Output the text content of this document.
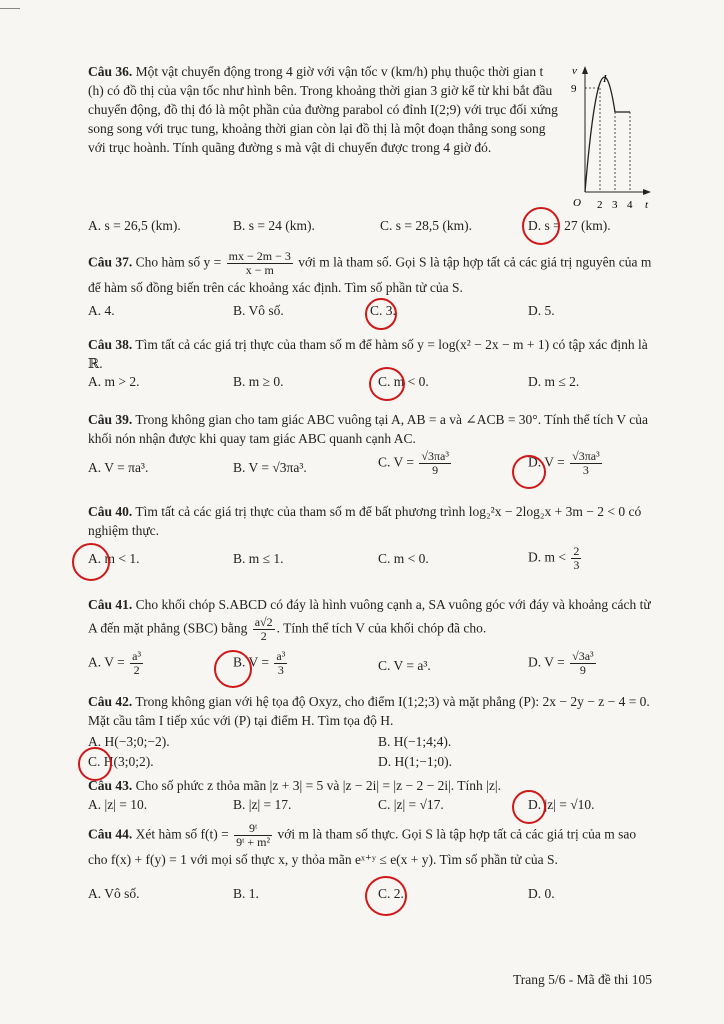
Câu 36. Một vật chuyển động trong 4 giờ với vận tốc v (km/h) phụ thuộc thời gian t (h) có đồ thị của vận tốc như hình bên. Trong khoảng thời gian 3 giờ kể từ khi bắt đầu chuyển động, đồ thị đó là một phần của đường parabol có đỉnh I(2;9) với trục đối xứng song song với trục tung, khoảng thời gian còn lại đồ thị là một đoạn thẳng song song với trục hoành. Tính quãng đường s mà vật di chuyển được trong 4 giờ đó.
v
t
O
I
9
2 3 4
A. s = 26,5 (km).	B. s = 24 (km).	C. s = 28,5 (km).	D. s = 27 (km).
Câu 37. Cho hàm số $y = \frac{mx - 2m - 3}{x - m}$ với m là tham số. Gọi S là tập hợp tất cả các giá trị nguyên của m để hàm số đồng biến trên các khoảng xác định. Tìm số phần tử của S.
A. 4.	B. Vô số.	C. 3.	D. 5.
Câu 38. Tìm tất cả các giá trị thực của tham số m để hàm số y = log(x² − 2x − m + 1) có tập xác định là ℝ.
A. m > 2.	B. m ≥ 0.	C. m < 0.	D. m ≤ 2.
Câu 39. Trong không gian cho tam giác ABC vuông tại A, AB = a và ∠ACB = 30°. Tính thể tích V của khối nón nhận được khi quay tam giác ABC quanh cạnh AC.
A. V = πa³.	B. V = √3πa³.	C. $V = \frac{\text{√3πa³}}{9}$	D. $V = \frac{\text{√3πa³}}{3}$
Câu 40. Tìm tất cả các giá trị thực của tham số m để bất phương trình log₂²x − 2log₂x + 3m − 2 < 0 có nghiệm thực.
A. m < 1.	B. m ≤ 1.	C. m < 0.	D. $m < \frac{2}{3}$
Câu 41. Cho khối chóp S.ABCD có đáy là hình vuông cạnh a, SA vuông góc với đáy và khoảng cách từ A đến mặt phẳng (SBC) bằng $\frac{a√2}{2}$ . Tính thể tích V của khối chóp đã cho.
A. $V = \frac{\text{a³}}{2}$	B. $V = \frac{\text{a³}}{3}$	C. V = a³.	D. $V = \frac{\text{√3a³}}{9}$
Câu 42. Trong không gian với hệ tọa độ Oxyz, cho điểm I(1;2;3) và mặt phẳng (P): 2x − 2y − z − 4 = 0. Mặt cầu tâm I tiếp xúc với (P) tại điểm H. Tìm tọa độ H.
A. H(−3;0;−2).	B. H(−1;4;4).
C. H(3;0;2).	D. H(1;−1;0).
Câu 43. Cho số phức z thỏa mãn |z + 3| = 5 và |z − 2i| = |z − 2 − 2i|. Tính |z|.
A. |z| = 10.	B. |z| = 17.	C. |z| = √17.	D. |z| = √10.
Câu 44. Xét hàm số $f(t) = \frac{\text{9ᵗ}}{\text{9ᵗ + m²}}$ với m là tham số thực. Gọi S là tập hợp tất cả các giá trị của m sao cho f(x) + f(y) = 1 với mọi số thực x, y thỏa mãn eˣ⁺ʸ ≤ e(x + y). Tìm số phần tử của S.
A. Vô số.	B. 1.	C. 2.	D. 0.
Trang 5/6 - Mã đề thi 105
